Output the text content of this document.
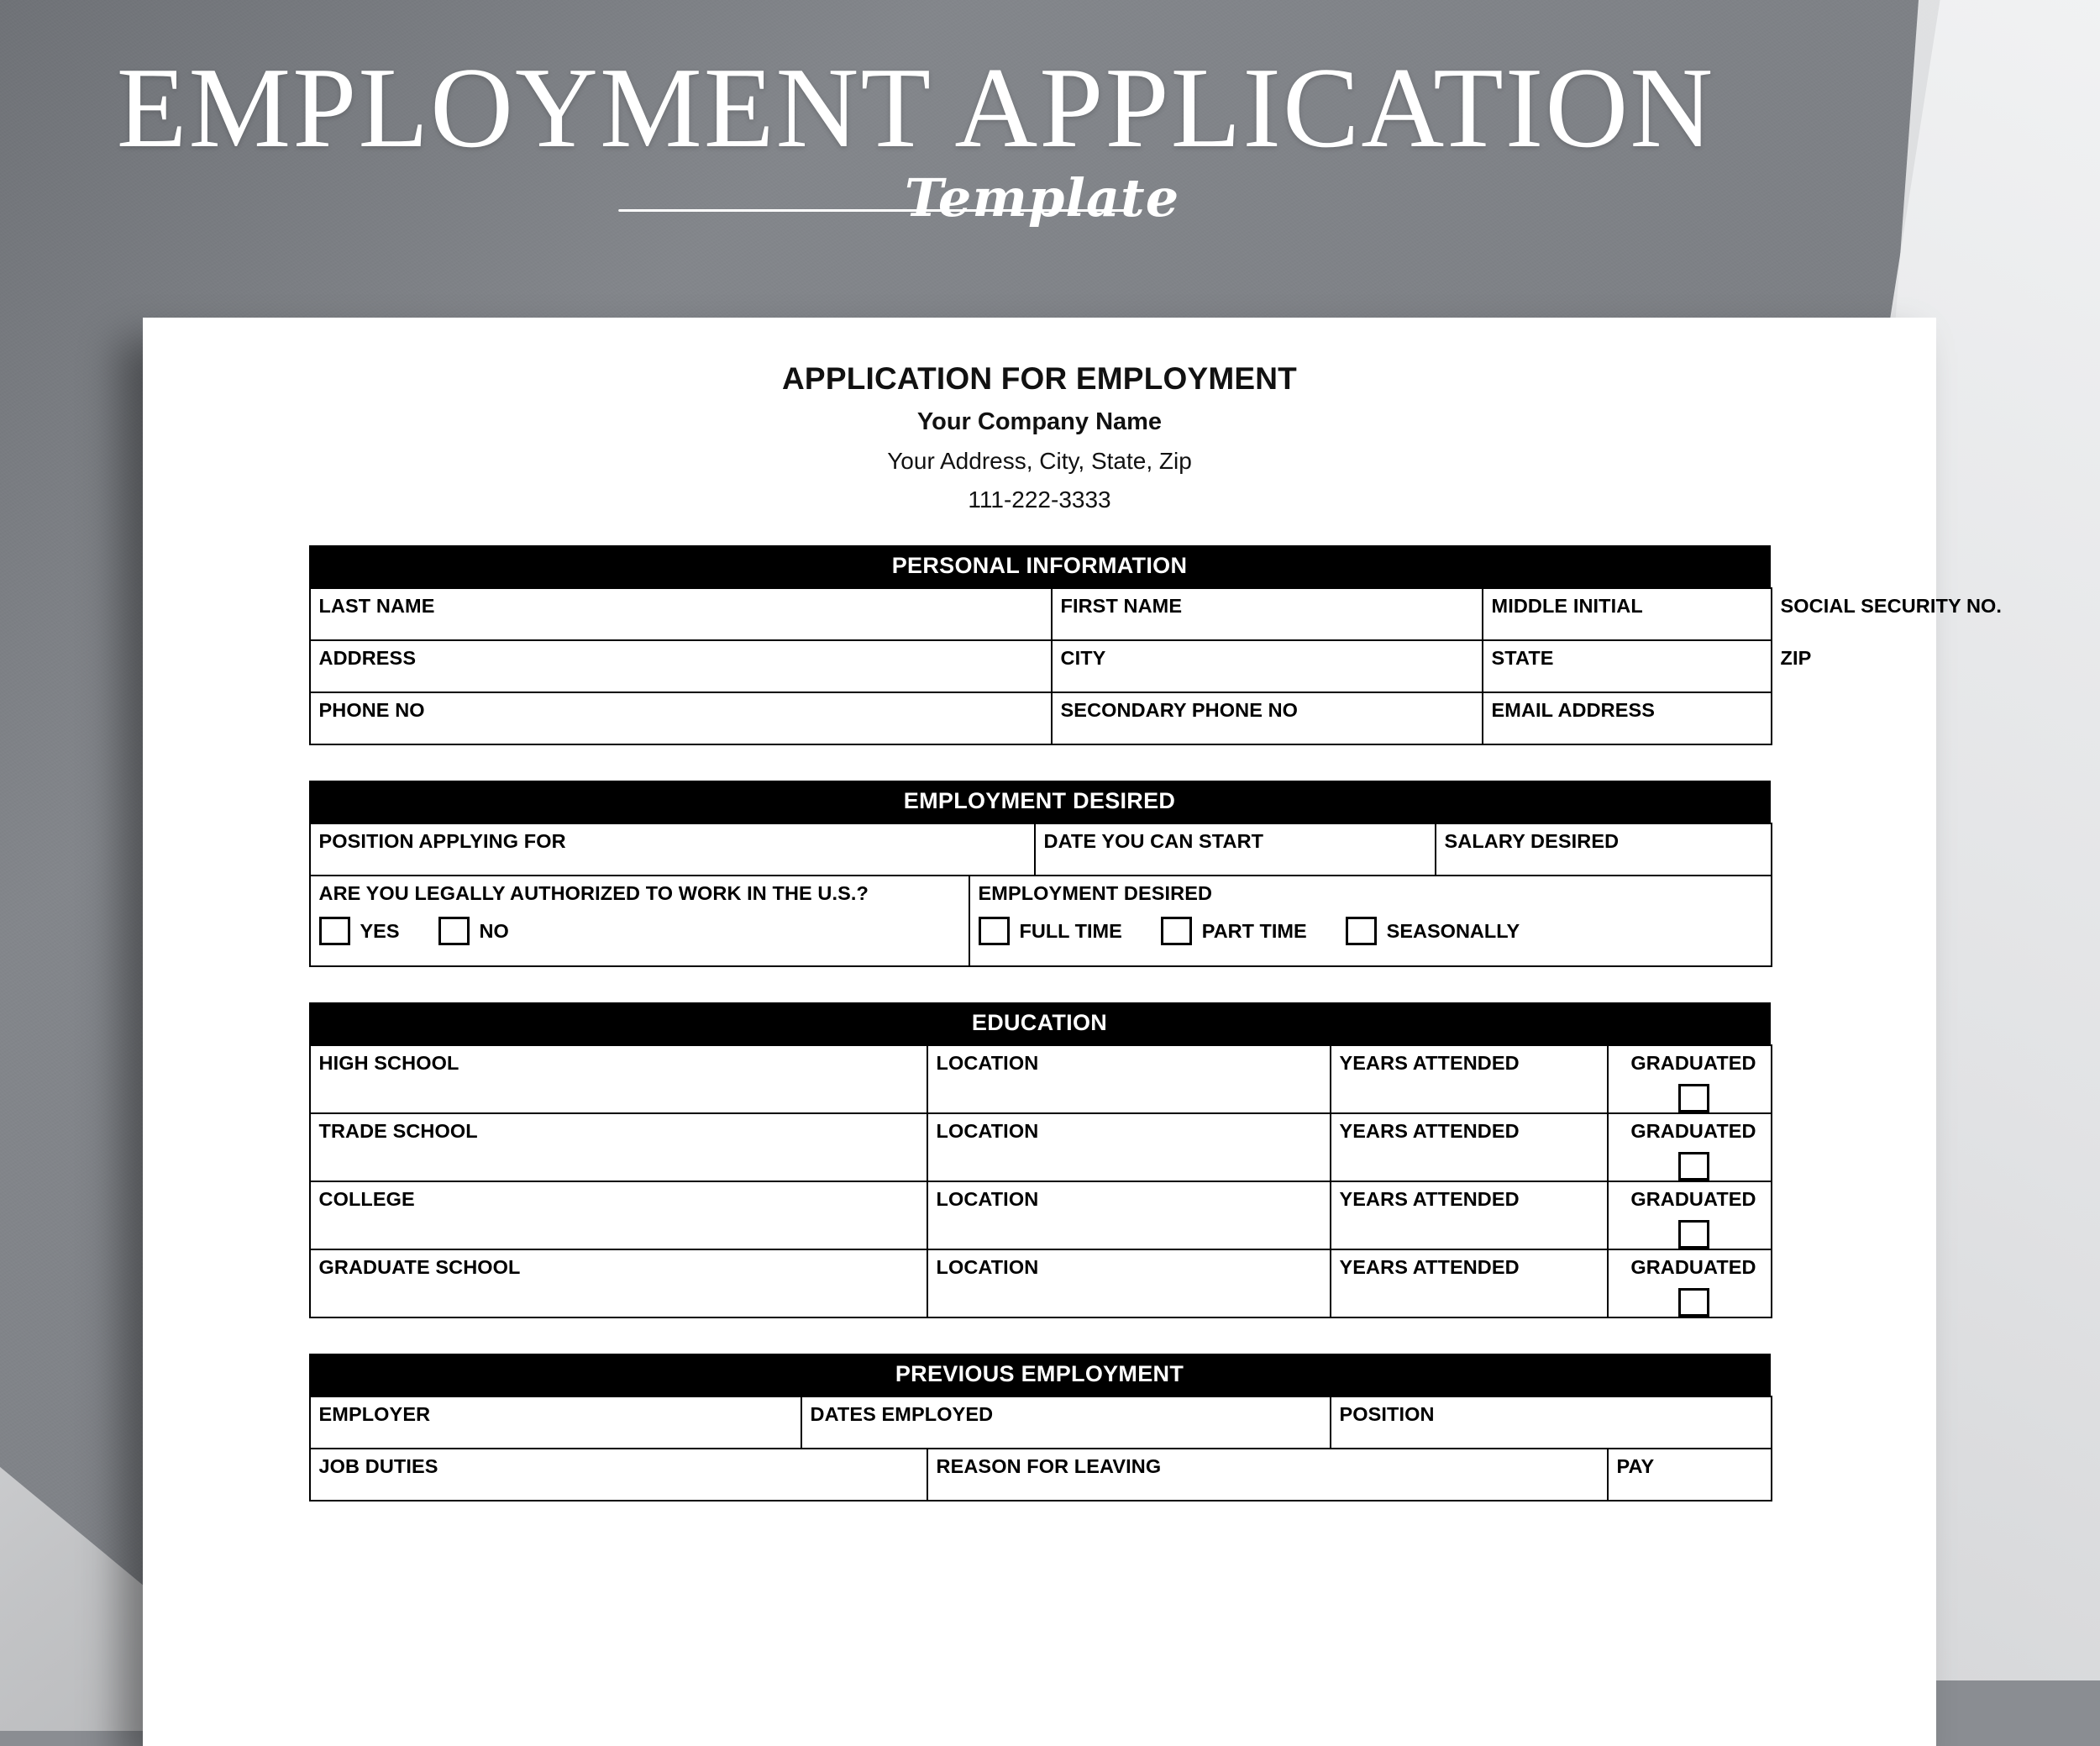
EMPLOYMENT APPLICATION
Template
APPLICATION FOR EMPLOYMENT
Your Company Name
Your Address, City, State, Zip
111-222-3333
PERSONAL INFORMATION
LAST NAME	FIRST NAME	MIDDLE INITIAL	SOCIAL SECURITY NO.
ADDRESS	CITY	STATE	ZIP
PHONE NO	SECONDARY PHONE NO	EMAIL ADDRESS	
EMPLOYMENT DESIRED
POSITION APPLYING FOR		DATE YOU CAN START	SALARY DESIRED
ARE YOU LEGALLY AUTHORIZED TO WORK IN THE U.S.?
YES	NO
	EMPLOYMENT DESIRED
FULL TIME	PART TIME	SEASONALLY
EDUCATION
HIGH SCHOOL	LOCATION	YEARS ATTENDED	GRADUATED

TRADE SCHOOL	LOCATION	YEARS ATTENDED	GRADUATED

COLLEGE	LOCATION	YEARS ATTENDED	GRADUATED

GRADUATE SCHOOL	LOCATION	YEARS ATTENDED	GRADUATED
PREVIOUS EMPLOYMENT
EMPLOYER	DATES EMPLOYED		POSITION	
JOB DUTIES		REASON FOR LEAVING		PAY
